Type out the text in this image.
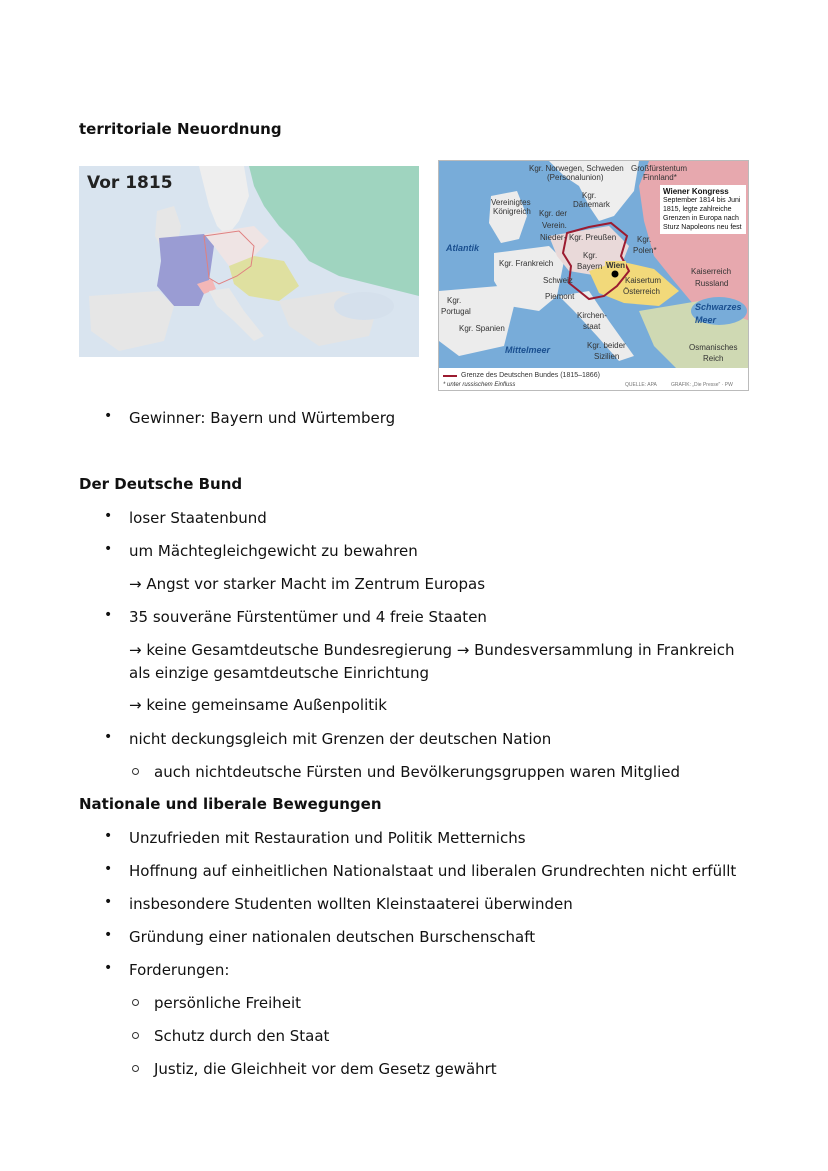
territoriale Neuordnung
Vor 1815
Kgr. Norwegen, Schweden
(Personalunion)
Großfürstentum
Finnland*
Vereinigtes
Königreich
Kgr.
Dänemark
Kgr. der
Verein.
Nieder- Kgr. Preußen	Kgr.
Polen*
Atlantik
Kgr. Frankreich
Kgr.
Bayern Wien
Schweiz
Piemont
Kaisertum
Österreich
Kaiserreich
Russland
Kgr.
Portugal
Kgr. Spanien
Kirchen-
staat
Schwarzes
Meer
Mittelmeer	Kgr. beider
Sizilien
Osmanisches
Reich
Wiener Kongress
September 1814 bis Juni 1815, legte zahlreiche Grenzen in Europa nach Sturz Napoleons neu fest
Grenze des Deutschen Bundes (1815–1866)
* unter russischem Einfluss	QUELLE: APA	GRAFIK: „Die Presse" · PW
• Gewinner: Bayern und Würtemberg
Der Deutsche Bund
• loser Staatenbund
• um Mächtegleichgewicht zu bewahren
→ Angst vor starker Macht im Zentrum Europas
• 35 souveräne Fürstentümer und 4 freie Staaten
→ keine Gesamtdeutsche Bundesregierung → Bundesversammlung in Frankreich
als einzige gesamtdeutsche Einrichtung
→ keine gemeinsame Außenpolitik
• nicht deckungsgleich mit Grenzen der deutschen Nation
auch nichtdeutsche Fürsten und Bevölkerungsgruppen waren Mitglied
Nationale und liberale Bewegungen
• Unzufrieden mit Restauration und Politik Metternichs
• Hoffnung auf einheitlichen Nationalstaat und liberalen Grundrechten nicht erfüllt
• insbesondere Studenten wollten Kleinstaaterei überwinden
• Gründung einer nationalen deutschen Burschenschaft
• Forderungen:
persönliche Freiheit
Schutz durch den Staat
Justiz, die Gleichheit vor dem Gesetz gewährt
